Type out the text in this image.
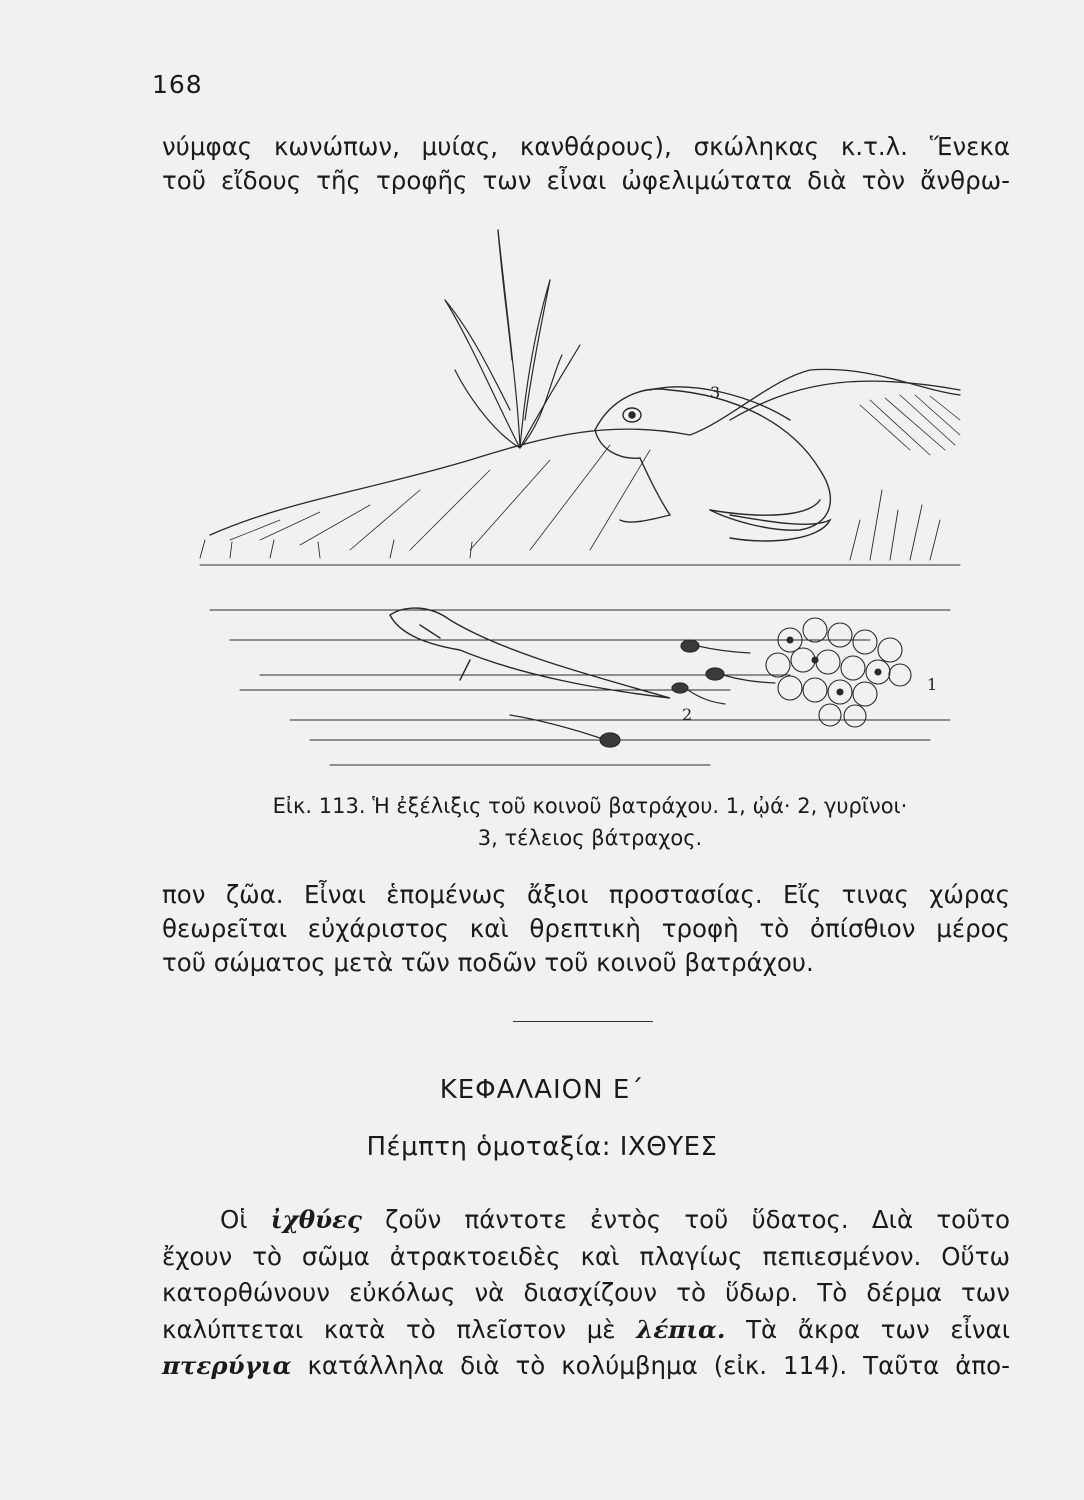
168

νύμφας κωνώπων, μυίας, κανθάρους), σκώληκας κ.τ.λ. Ἕνεκα
τοῦ εἴδους τῆς τροφῆς των εἶναι ὠφελιμώτατα διὰ τὸν ἄνθρω-

3
2
1
Εἰκ. 113. Ἡ ἐξέλιξις τοῦ κοινοῦ βατράχου. 1, ᾠά· 2, γυρῖνοι·
3, τέλειος βάτραχος.

πον ζῶα. Εἶναι ἑπομένως ἄξιοι προστασίας. Εἴς τινας χώρας
θεωρεῖται εὐχάριστος καὶ θρεπτικὴ τροφὴ τὸ ὀπίσθιον μέρος
τοῦ σώματος μετὰ τῶν ποδῶν τοῦ κοινοῦ βατράχου.

ΚΕΦΑΛΑΙΟΝ Ε΄
Πέμπτη ὁμοταξία: ΙΧΘΥΕΣ

Οἱ ἰχθύες ζοῦν πάντοτε ἐντὸς τοῦ ὕδατος. Διὰ τοῦτο
ἔχουν τὸ σῶμα ἀτρακτοειδὲς καὶ πλαγίως πεπιεσμένον. Οὕτω
κατορθώνουν εὐκόλως νὰ διασχίζουν τὸ ὕδωρ. Τὸ δέρμα των
καλύπτεται κατὰ τὸ πλεῖστον μὲ λέπια. Τὰ ἄκρα των εἶναι
πτερύγια κατάλληλα διὰ τὸ κολύμβημα (εἰκ. 114). Ταῦτα ἀπο-
